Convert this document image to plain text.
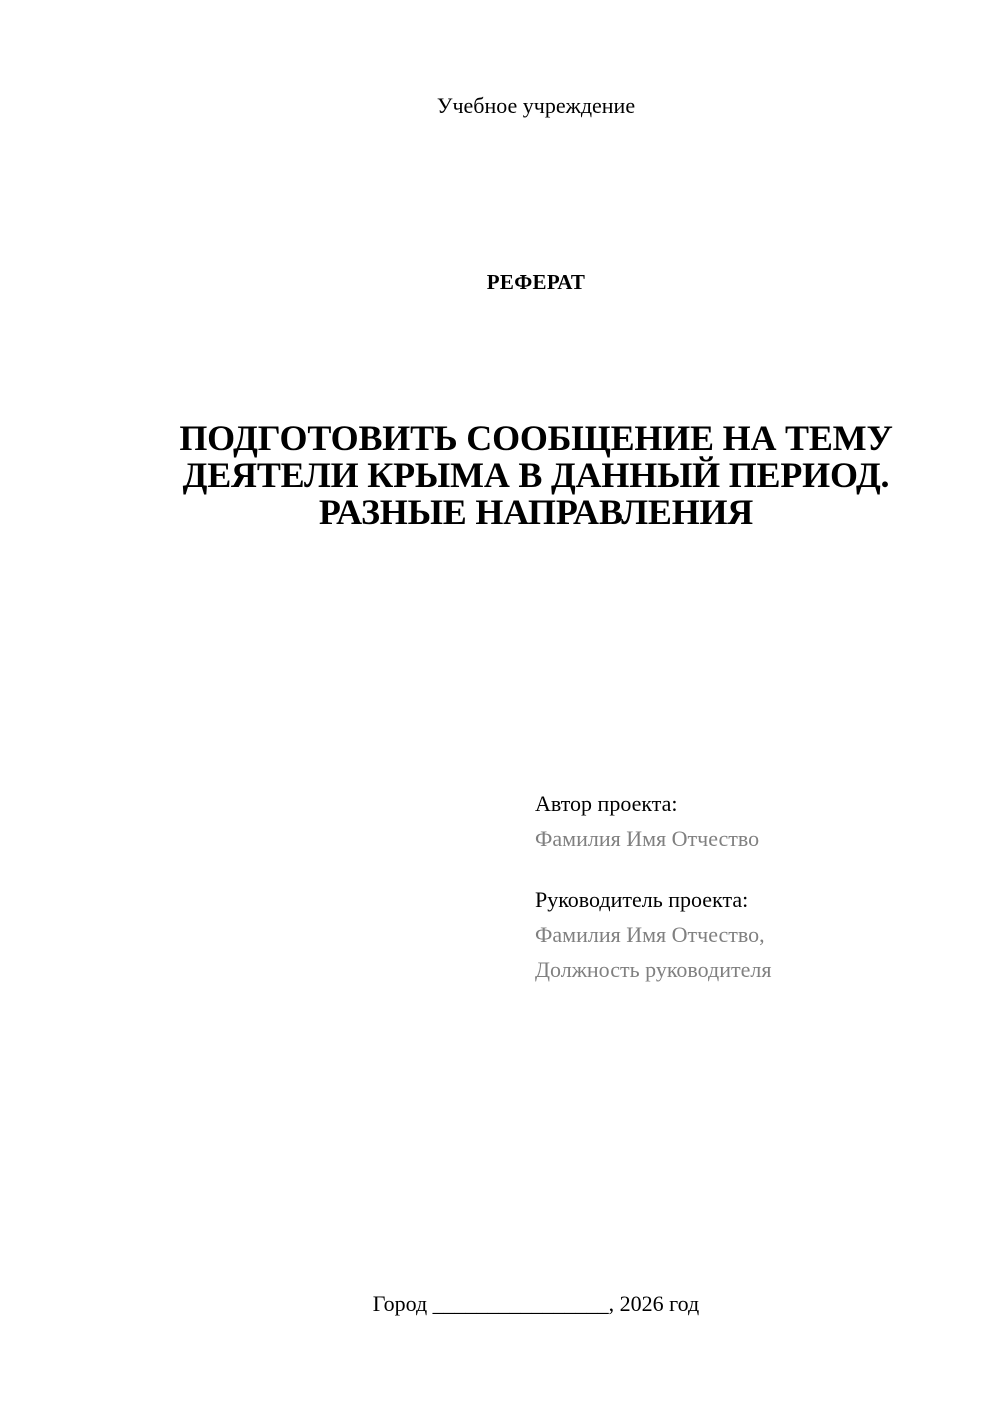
Учебное учреждение
РЕФЕРАТ
ПОДГОТОВИТЬ СООБЩЕНИЕ НА ТЕМУ
ДЕЯТЕЛИ КРЫМА В ДАННЫЙ ПЕРИОД.
РАЗНЫЕ НАПРАВЛЕНИЯ
Автор проекта:
Фамилия Имя Отчество
Руководитель проекта:
Фамилия Имя Отчество,
Должность руководителя
Город ________________, 2026 год
